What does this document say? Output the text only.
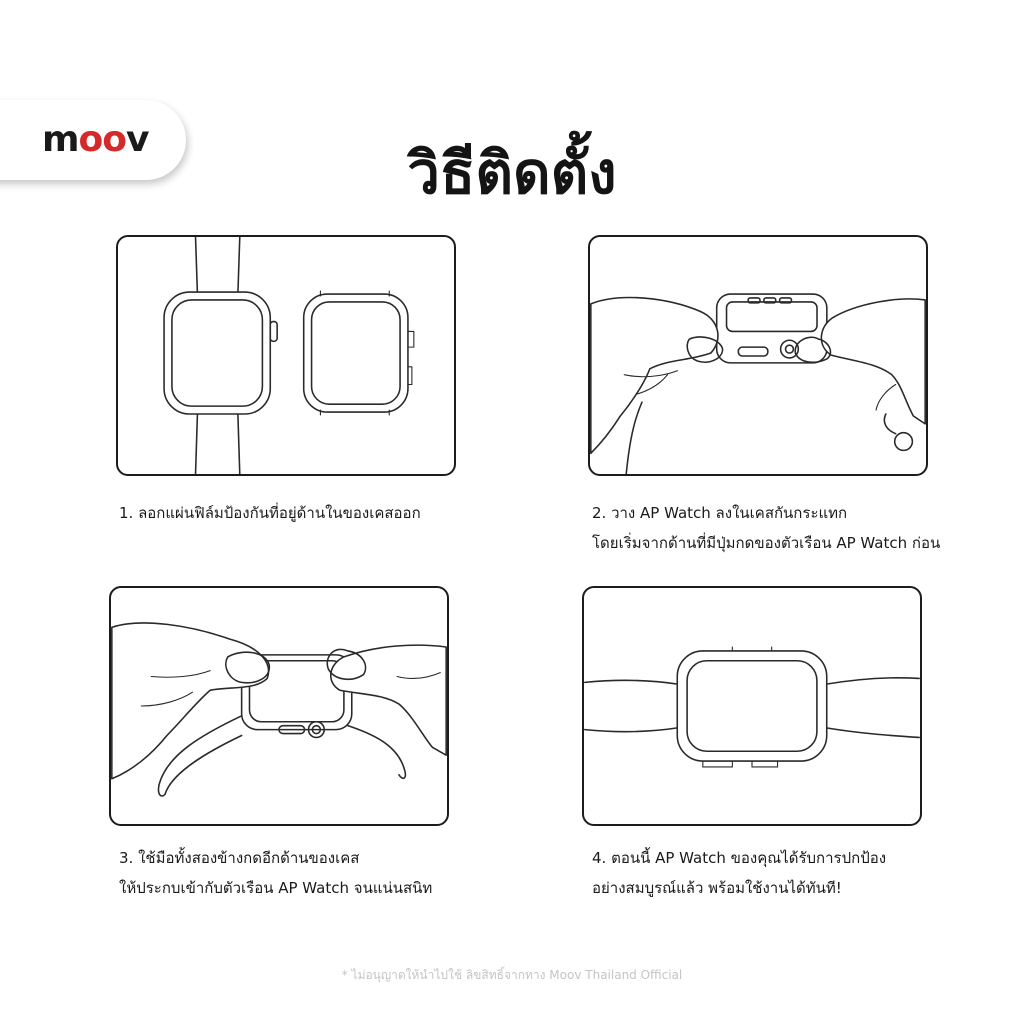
moov	วิธีติดตั้ง
1. ลอกแผ่นฟิล์มป้องกันที่อยู่ด้านในของเคสออก	2. วาง AP Watch ลงในเคสกันกระแทก
โดยเริ่มจากด้านที่มีปุ่มกดของตัวเรือน AP Watch ก่อน
3. ใช้มือทั้งสองข้างกดอีกด้านของเคส
ให้ประกบเข้ากับตัวเรือน AP Watch จนแน่นสนิท
4. ตอนนี้ AP Watch ของคุณได้รับการปกป้อง
อย่างสมบูรณ์แล้ว พร้อมใช้งานได้ทันที!
* ไม่อนุญาตให้นำไปใช้ ลิขสิทธิ์จากทาง Moov Thailand Official
